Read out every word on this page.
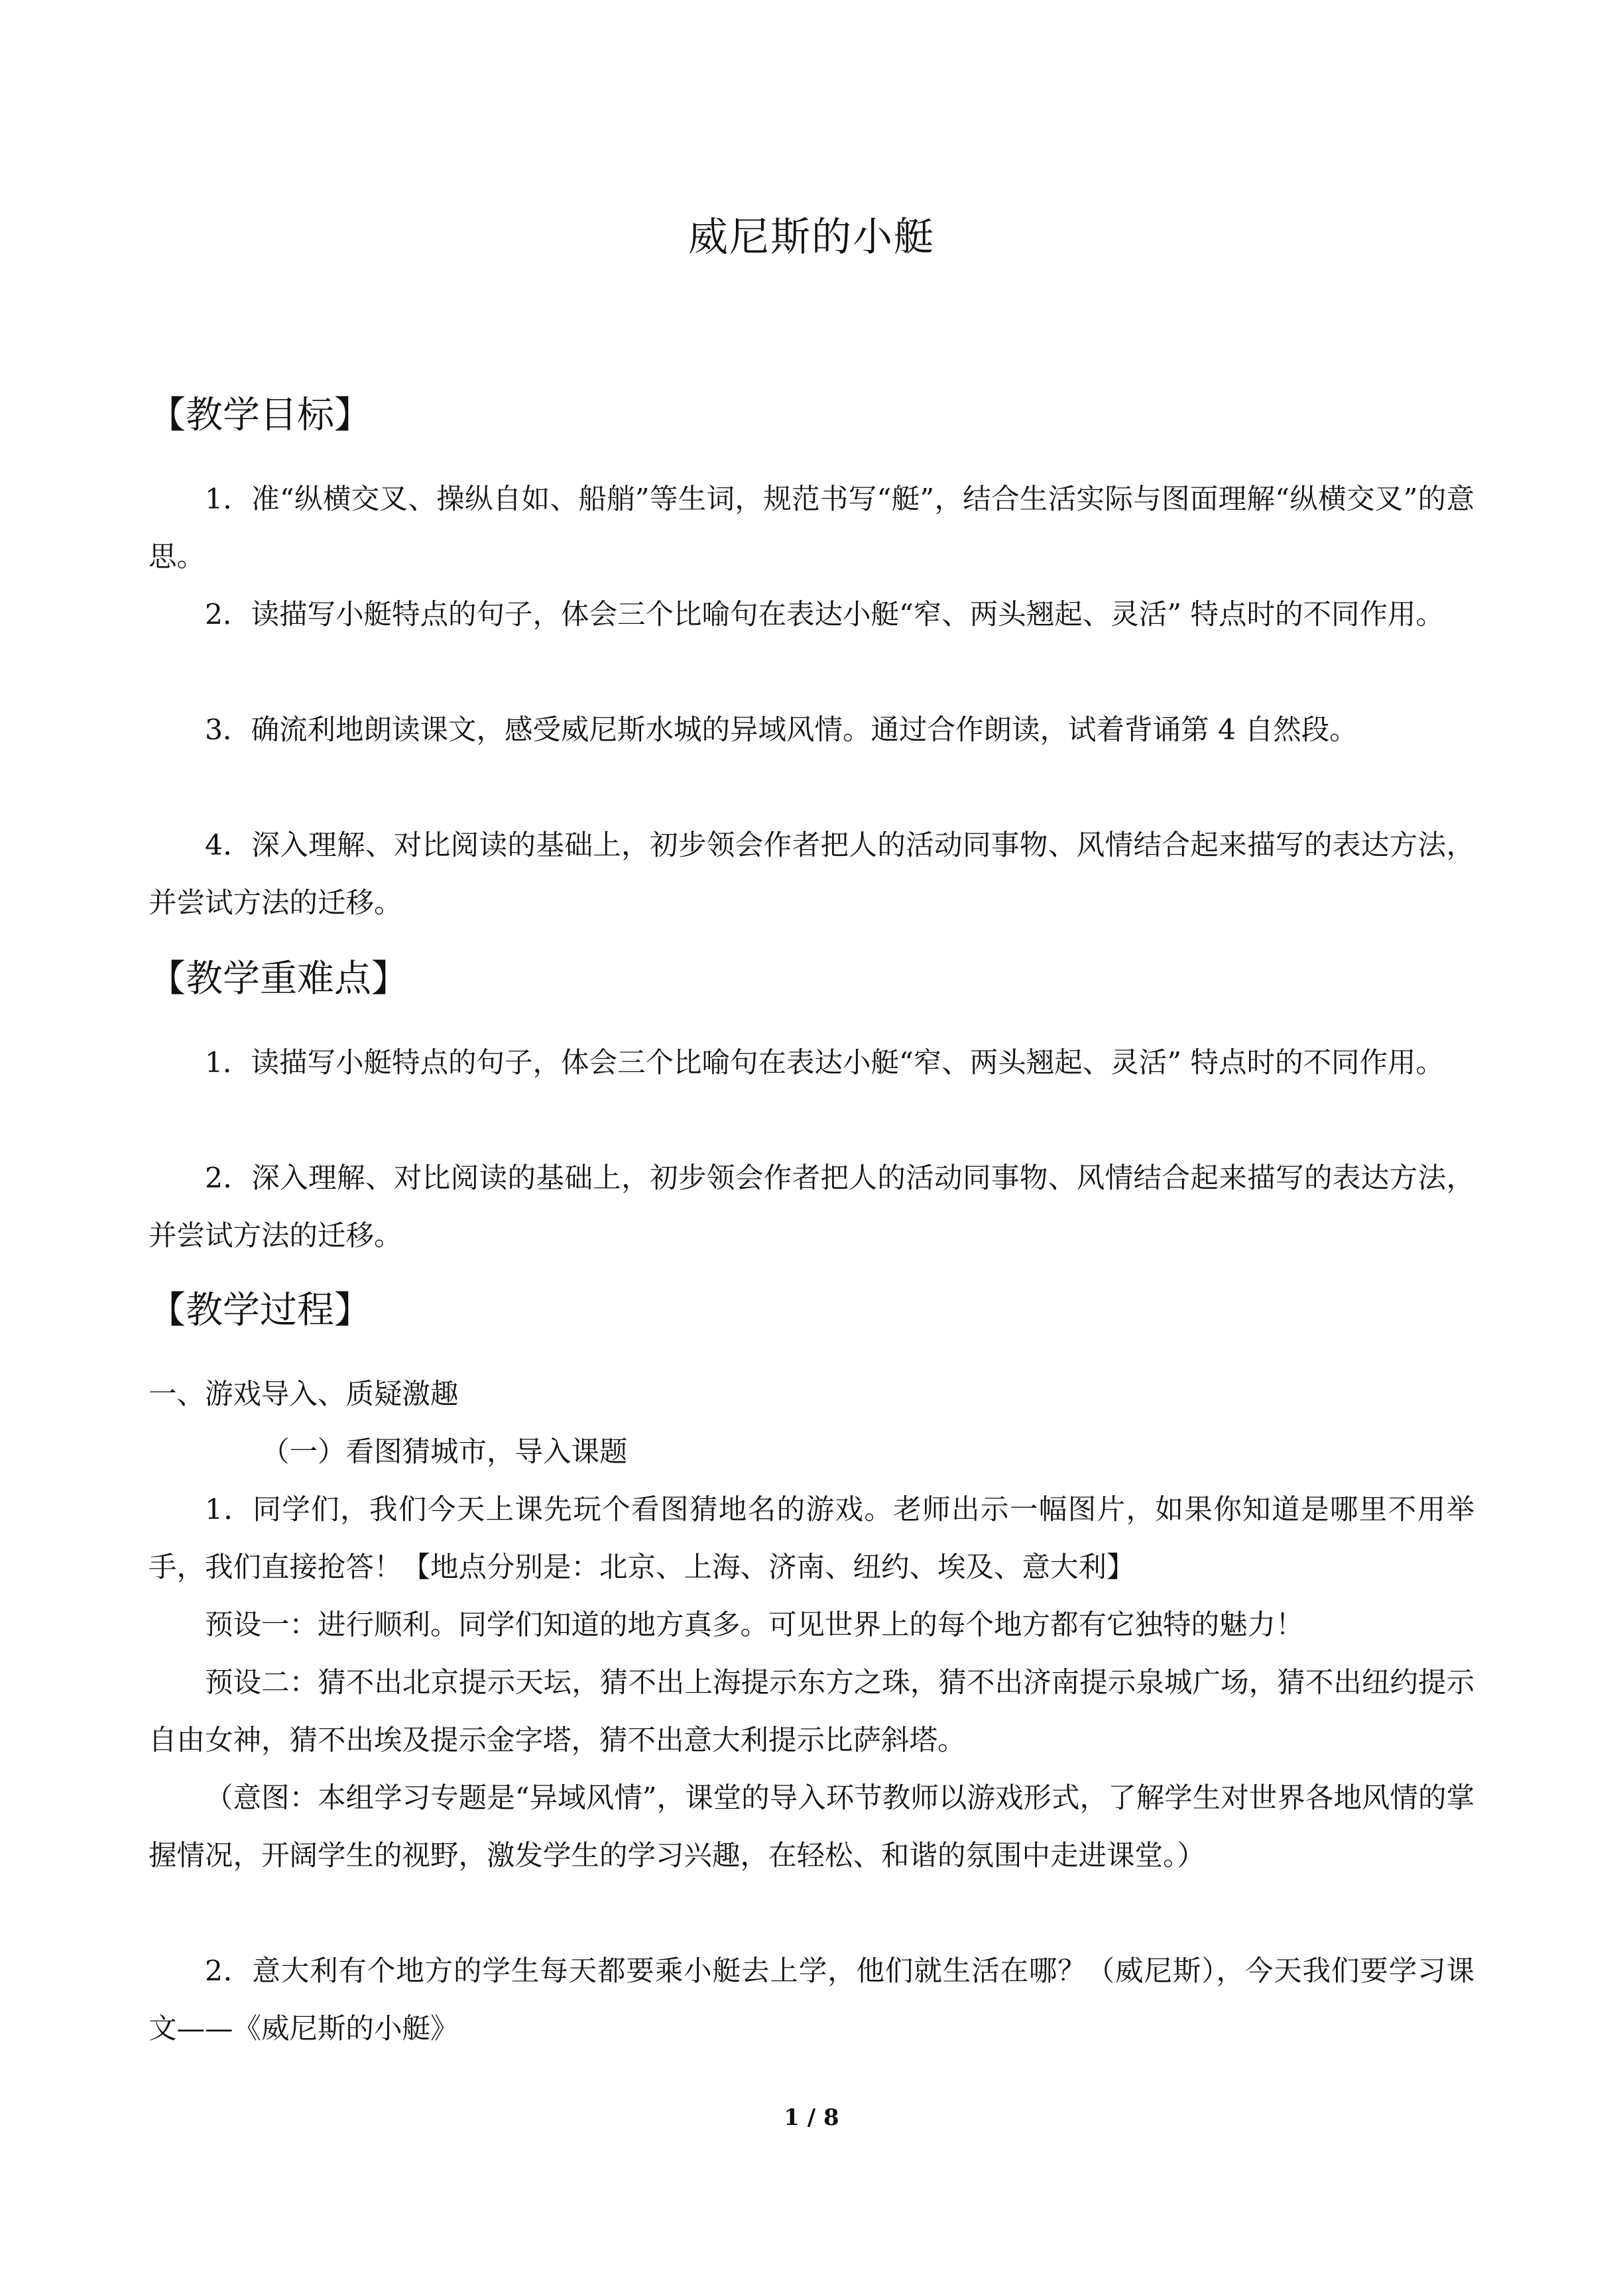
威尼斯的小艇
【教学目标】
1．准“纵横交叉、操纵自如、船艄”等生词，规范书写“艇”，结合生活实际与图面理解“纵横交叉”的意思。
2．读描写小艇特点的句子，体会三个比喻句在表达小艇“窄、两头翘起、灵活” 特点时的不同作用。
3．确流利地朗读课文，感受威尼斯水城的异域风情。通过合作朗读，试着背诵第 4 自然段。
4．深入理解、对比阅读的基础上，初步领会作者把人的活动同事物、风情结合起来描写的表达方法，并尝试方法的迁移。
【教学重难点】
1．读描写小艇特点的句子，体会三个比喻句在表达小艇“窄、两头翘起、灵活” 特点时的不同作用。
2．深入理解、对比阅读的基础上，初步领会作者把人的活动同事物、风情结合起来描写的表达方法，并尝试方法的迁移。
【教学过程】
一、游戏导入、质疑激趣
（一）看图猜城市，导入课题
1．同学们，我们今天上课先玩个看图猜地名的游戏。老师出示一幅图片，如果你知道是哪里不用举手，我们直接抢答！【地点分别是：北京、上海、济南、纽约、埃及、意大利】
预设一：进行顺利。同学们知道的地方真多。可见世界上的每个地方都有它独特的魅力！
预设二：猜不出北京提示天坛，猜不出上海提示东方之珠，猜不出济南提示泉城广场，猜不出纽约提示自由女神，猜不出埃及提示金字塔，猜不出意大利提示比萨斜塔。
（意图：本组学习专题是“异域风情”，课堂的导入环节教师以游戏形式，了解学生对世界各地风情的掌握情况，开阔学生的视野，激发学生的学习兴趣，在轻松、和谐的氛围中走进课堂。）
2．意大利有个地方的学生每天都要乘小艇去上学，他们就生活在哪？（威尼斯），今天我们要学习课文——《威尼斯的小艇》
1 / 8
